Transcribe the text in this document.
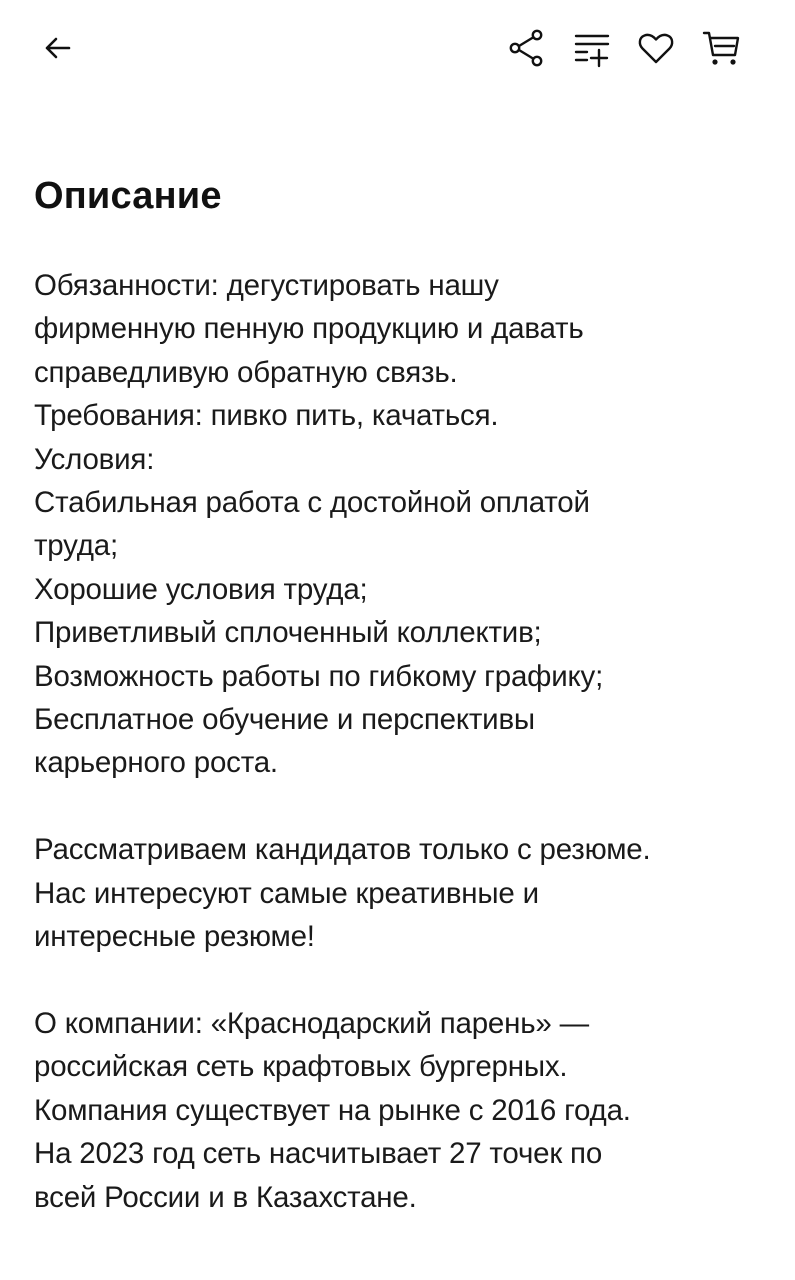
Описание
Обязанности: дегустировать нашу
фирменную пенную продукцию и давать
справедливую обратную связь.
Требования: пивко пить, качаться.
Условия:
Стабильная работа с достойной оплатой
труда;
Хорошие условия труда;
Приветливый сплоченный коллектив;
Возможность работы по гибкому графику;
Бесплатное обучение и перспективы
карьерного роста.
Рассматриваем кандидатов только с резюме.
Нас интересуют самые креативные и
интересные резюме!
О компании: «Краснодарский парень» —
российская сеть крафтовых бургерных.
Компания существует на рынке с 2016 года.
На 2023 год сеть насчитывает 27 точек по
всей России и в Казахстане.
